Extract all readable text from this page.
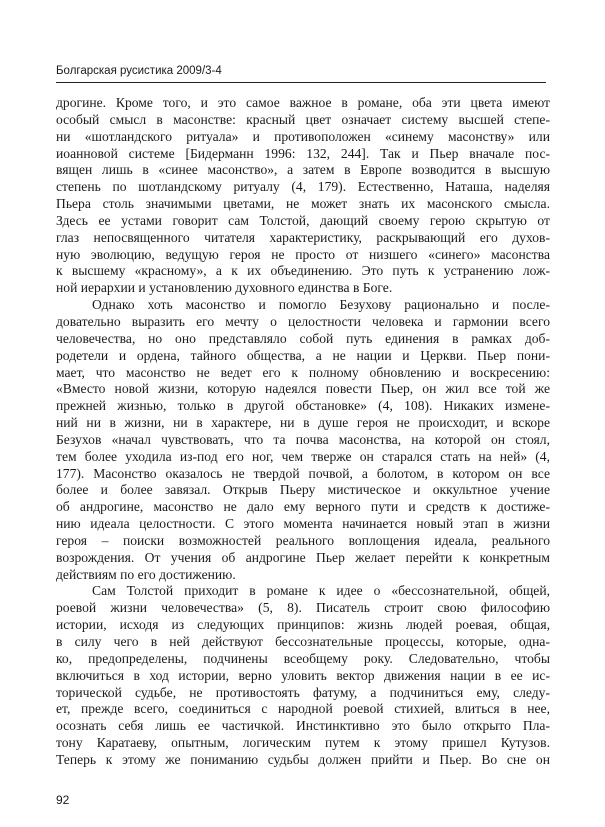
Болгарская русистика 2009/3-4
дрогине. Кроме того, и это самое важное в романе, оба эти цвета имеют
особый смысл в масонстве: красный цвет означает систему высшей степе-
ни «шотландского ритуала» и противоположен «синему масонству» или
иоанновой системе [Бидерманн 1996: 132, 244]. Так и Пьер вначале пос-
вящен лишь в «синее масонство», а затем в Европе возводится в высшую
степень по шотландскому ритуалу (4, 179). Естественно, Наташа, наделяя
Пьера столь значимыми цветами, не может знать их масонского смысла.
Здесь ее устами говорит сам Толстой, дающий своему герою скрытую от
глаз непосвященного читателя характеристику, раскрывающий его духов-
ную эволюцию, ведущую героя не просто от низшего «синего» масонства
к высшему «красному», а к их объединению. Это путь к устранению лож-
ной иерархии и установлению духовного единства в Боге.
Однако хоть масонство и помогло Безухову рационально и после-
довательно выразить его мечту о целостности человека и гармонии всего
человечества, но оно представляло собой путь единения в рамках доб-
родетели и ордена, тайного общества, а не нации и Церкви. Пьер пони-
мает, что масонство не ведет его к полному обновлению и воскресению:
«Вместо новой жизни, которую надеялся повести Пьер, он жил все той же
прежней жизнью, только в другой обстановке» (4, 108). Никаких измене-
ний ни в жизни, ни в характере, ни в душе героя не происходит, и вскоре
Безухов «начал чувствовать, что та почва масонства, на которой он стоял,
тем более уходила из-под его ног, чем тверже он старался стать на ней» (4,
177). Масонство оказалось не твердой почвой, а болотом, в котором он все
более и более завязал. Открыв Пьеру мистическое и оккультное учение
об андрогине, масонство не дало ему верного пути и средств к достиже-
нию идеала целостности. С этого момента начинается новый этап в жизни
героя – поиски возможностей реального воплощения идеала, реального
возрождения. От учения об андрогине Пьер желает перейти к конкретным
действиям по его достижению.
Сам Толстой приходит в романе к идее о «бессознательной, общей,
роевой жизни человечества» (5, 8). Писатель строит свою философию
истории, исходя из следующих принципов: жизнь людей роевая, общая,
в силу чего в ней действуют бессознательные процессы, которые, одна-
ко, предопределены, подчинены всеобщему року. Следовательно, чтобы
включиться в ход истории, верно уловить вектор движения нации в ее ис-
торической судьбе, не противостоять фатуму, а подчиниться ему, следу-
ет, прежде всего, соединиться с народной роевой стихией, влиться в нее,
осознать себя лишь ее частичкой. Инстинктивно это было открыто Пла-
тону Каратаеву, опытным, логическим путем к этому пришел Кутузов.
Теперь к этому же пониманию судьбы должен прийти и Пьер. Во сне он
92
